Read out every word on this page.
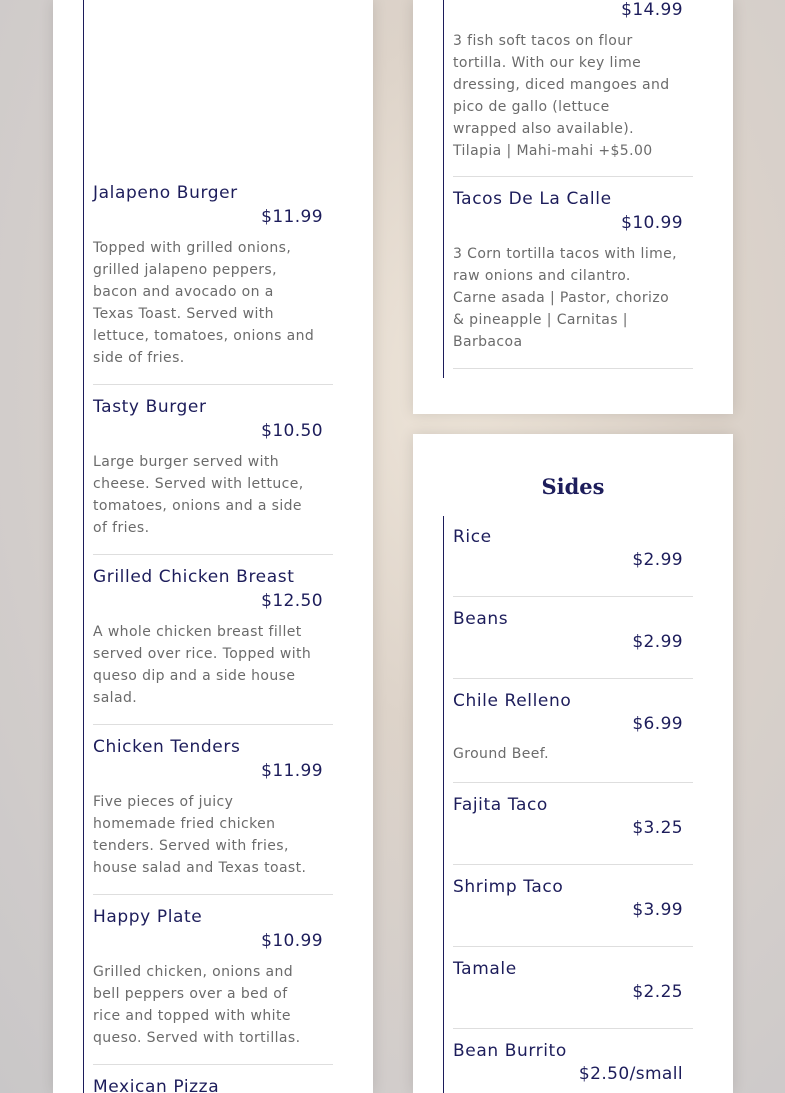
Jalapeno Burger
$11.99
Topped with grilled onions, grilled jalapeno peppers, bacon and avocado on a Texas Toast. Served with lettuce, tomatoes, onions and side of fries.
Tasty Burger
$10.50
Large burger served with cheese. Served with lettuce, tomatoes, onions and a side of fries.
Grilled Chicken Breast
$12.50
A whole chicken breast fillet served over rice. Topped with queso dip and a side house salad.
Chicken Tenders
$11.99
Five pieces of juicy homemade fried chicken tenders. Served with fries, house salad and Texas toast.
Happy Plate
$10.99
Grilled chicken, onions and bell peppers over a bed of rice and topped with white queso. Served with tortillas.
Mexican Pizza
$14.99
3 fish soft tacos on flour tortilla. With our key lime dressing, diced mangoes and pico de gallo (lettuce wrapped also available). Tilapia | Mahi-mahi +$5.00
Tacos De La Calle
$10.99
3 Corn tortilla tacos with lime, raw onions and cilantro. Carne asada | Pastor, chorizo & pineapple | Carnitas | Barbacoa
Sides
Rice
$2.99
Beans
$2.99
Chile Relleno
$6.99
Ground Beef.
Fajita Taco
$3.25
Shrimp Taco
$3.99
Tamale
$2.25
Bean Burrito
$2.50/small
